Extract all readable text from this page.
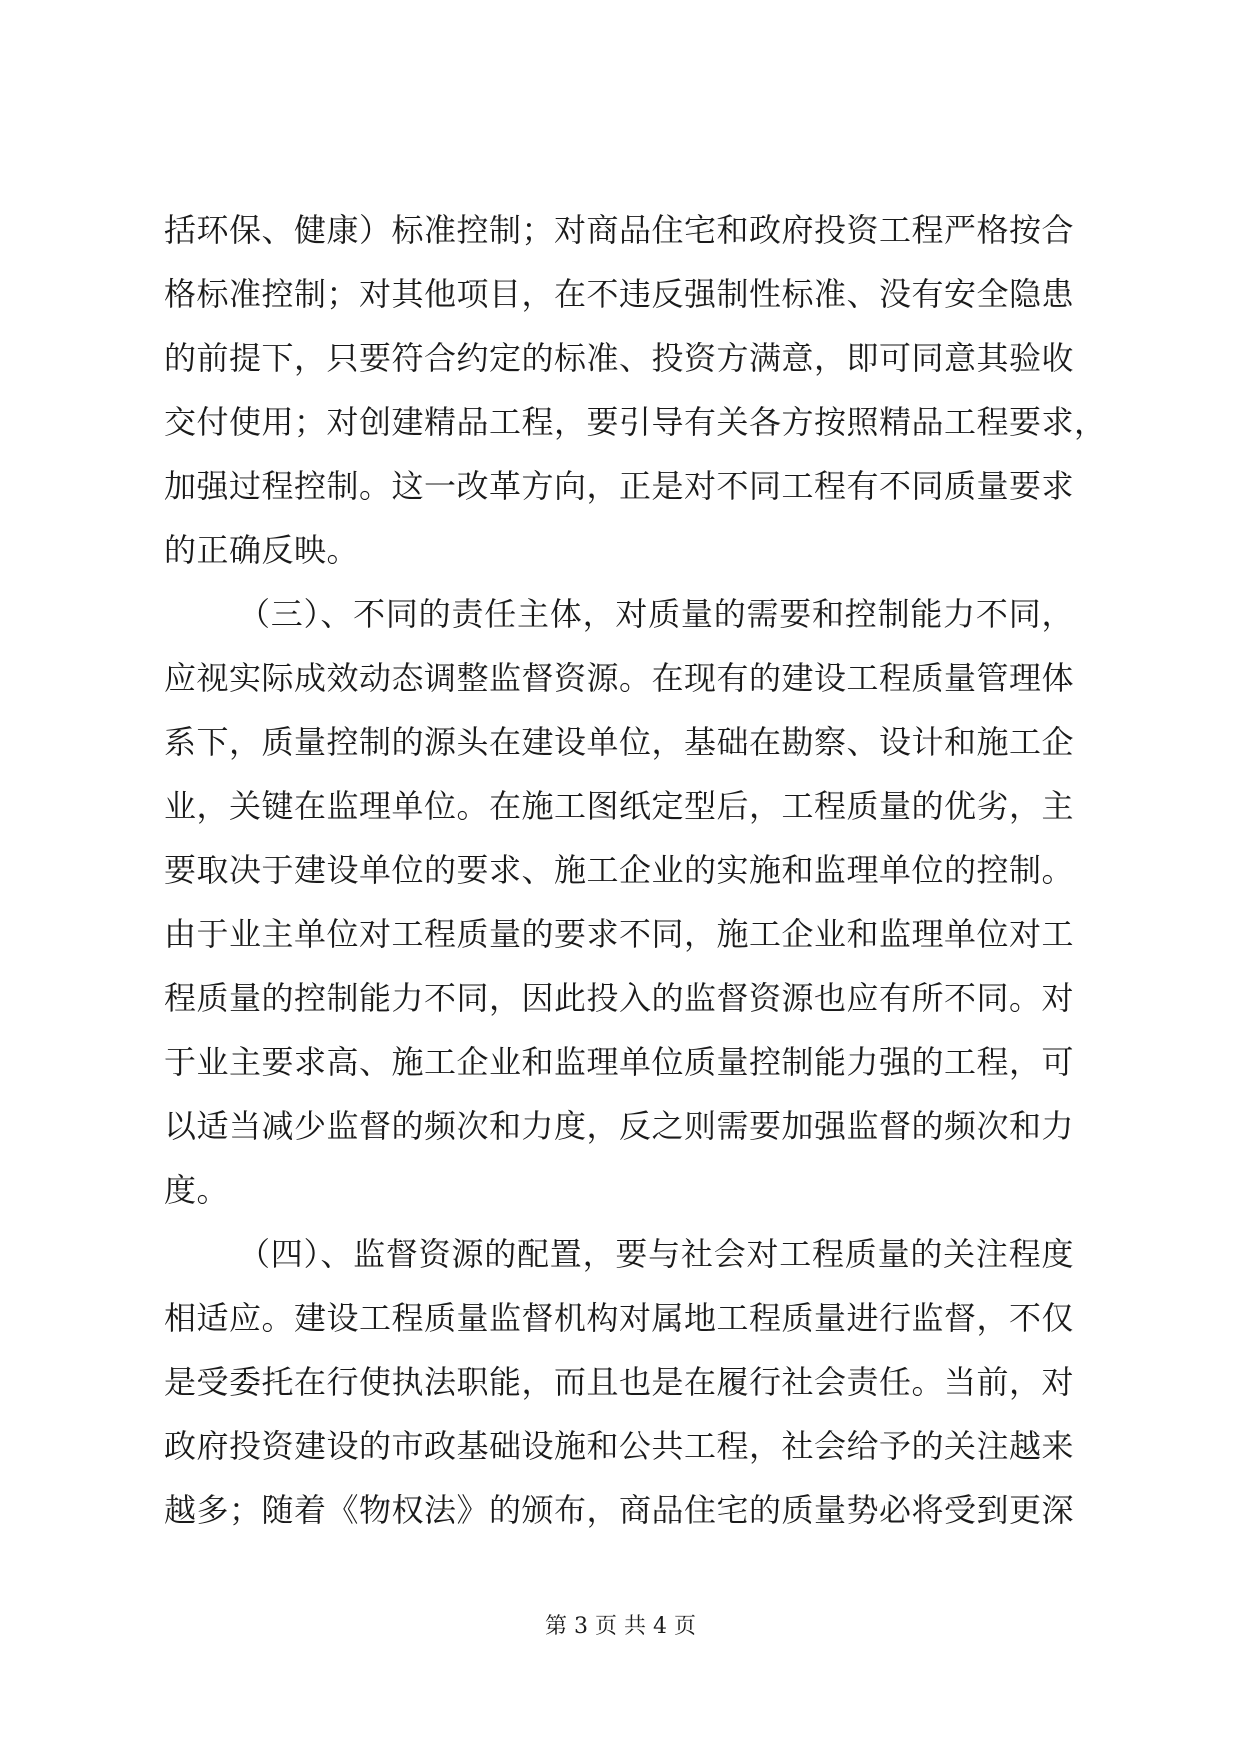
括环保、健康）标准控制；对商品住宅和政府投资工程严格按合
格标准控制；对其他项目，在不违反强制性标准、没有安全隐患
的前提下，只要符合约定的标准、投资方满意，即可同意其验收
交付使用；对创建精品工程，要引导有关各方按照精品工程要求，
加强过程控制。这一改革方向，正是对不同工程有不同质量要求
的正确反映。
（三）、不同的责任主体，对质量的需要和控制能力不同，
应视实际成效动态调整监督资源。在现有的建设工程质量管理体
系下，质量控制的源头在建设单位，基础在勘察、设计和施工企
业，关键在监理单位。在施工图纸定型后，工程质量的优劣，主
要取决于建设单位的要求、施工企业的实施和监理单位的控制。
由于业主单位对工程质量的要求不同，施工企业和监理单位对工
程质量的控制能力不同，因此投入的监督资源也应有所不同。对
于业主要求高、施工企业和监理单位质量控制能力强的工程，可
以适当减少监督的频次和力度，反之则需要加强监督的频次和力
度。
（四）、监督资源的配置，要与社会对工程质量的关注程度
相适应。建设工程质量监督机构对属地工程质量进行监督，不仅
是受委托在行使执法职能，而且也是在履行社会责任。当前，对
政府投资建设的市政基础设施和公共工程，社会给予的关注越来
越多；随着《物权法》的颁布，商品住宅的质量势必将受到更深
第 3 页 共 4 页
